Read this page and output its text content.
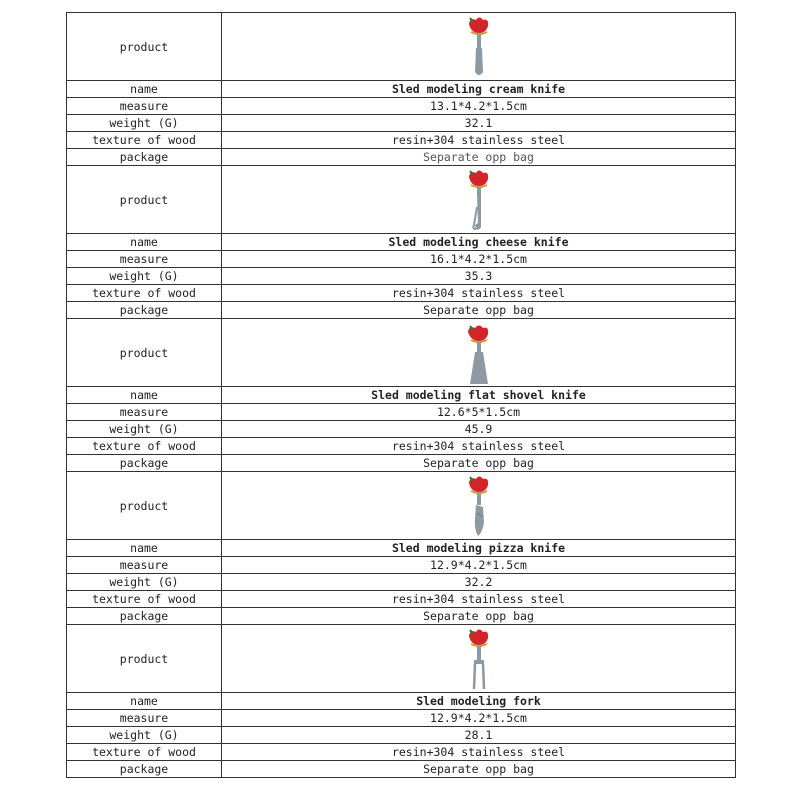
product	

name	Sled modeling cream knife
measure	13.1*4.2*1.5cm
weight (G)	32.1
texture of wood	resin+304 stainless steel
package	Separate opp bag
product	

name	Sled modeling cheese knife
measure	16.1*4.2*1.5cm
weight (G)	35.3
texture of wood	resin+304 stainless steel
package	Separate opp bag
product	

name	Sled modeling flat shovel knife
measure	12.6*5*1.5cm
weight (G)	45.9
texture of wood	resin+304 stainless steel
package	Separate opp bag
product	

name	Sled modeling pizza knife
measure	12.9*4.2*1.5cm
weight (G)	32.2
texture of wood	resin+304 stainless steel
package	Separate opp bag
product	

name	Sled modeling fork
measure	12.9*4.2*1.5cm
weight (G)	28.1
texture of wood	resin+304 stainless steel
package	Separate opp bag
